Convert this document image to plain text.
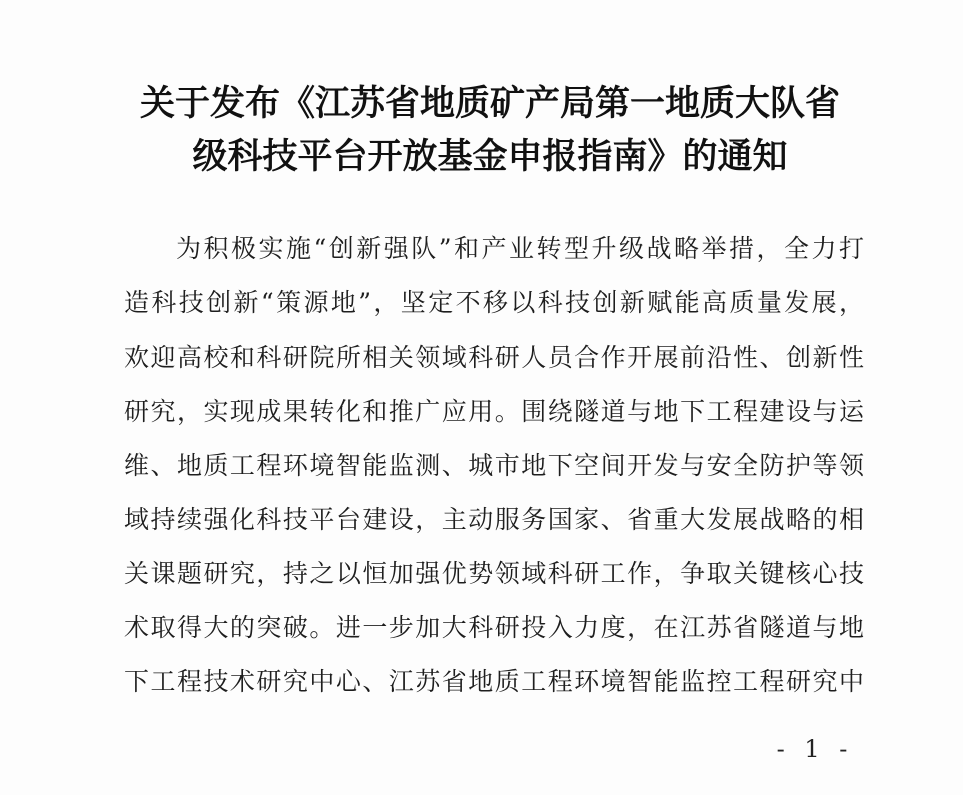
关于发布《江苏省地质矿产局第一地质大队省
级科技平台开放基金申报指南》的通知
为积极实施“创新强队”和产业转型升级战略举措，全力打
造科技创新“策源地”，坚定不移以科技创新赋能高质量发展，
欢迎高校和科研院所相关领域科研人员合作开展前沿性、创新性
研究，实现成果转化和推广应用。围绕隧道与地下工程建设与运
维、地质工程环境智能监测、城市地下空间开发与安全防护等领
域持续强化科技平台建设，主动服务国家、省重大发展战略的相
关课题研究，持之以恒加强优势领域科研工作，争取关键核心技
术取得大的突破。进一步加大科研投入力度，在江苏省隧道与地
下工程技术研究中心、江苏省地质工程环境智能监控工程研究中
- 1 -
